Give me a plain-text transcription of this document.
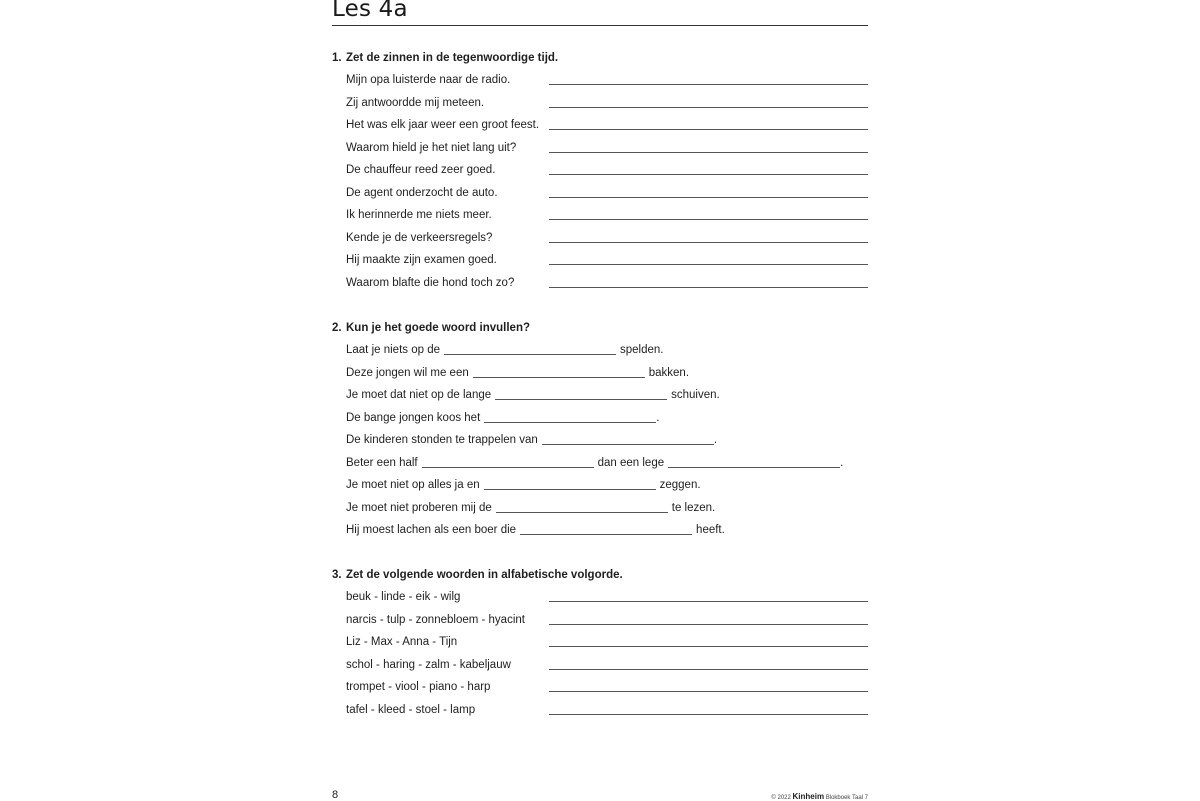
Les 4a
1. Zet de zinnen in de tegenwoordige tijd.
Mijn opa luisterde naar de radio.
Zij antwoordde mij meteen.
Het was elk jaar weer een groot feest.
Waarom hield je het niet lang uit?
De chauffeur reed zeer goed.
De agent onderzocht de auto.
Ik herinnerde me niets meer.
Kende je de verkeersregels?
Hij maakte zijn examen goed.
Waarom blafte die hond toch zo?
2. Kun je het goede woord invullen?
Laat je niets op de	spelden.
Deze jongen wil me een	bakken.
Je moet dat niet op de lange	schuiven.
De bange jongen koos het	.
De kinderen stonden te trappelen van	.
Beter een half	dan een lege	.
Je moet niet op alles ja en	zeggen.
Je moet niet proberen mij de	te lezen.
Hij moest lachen als een boer die	heeft.
3. Zet de volgende woorden in alfabetische volgorde.
beuk - linde - eik - wilg
narcis - tulp - zonnebloem - hyacint
Liz - Max - Anna - Tijn
schol - haring - zalm - kabeljauw
trompet - viool - piano - harp
tafel - kleed - stoel - lamp
8	© 2022 Kinheim Blokboek Taal 7
